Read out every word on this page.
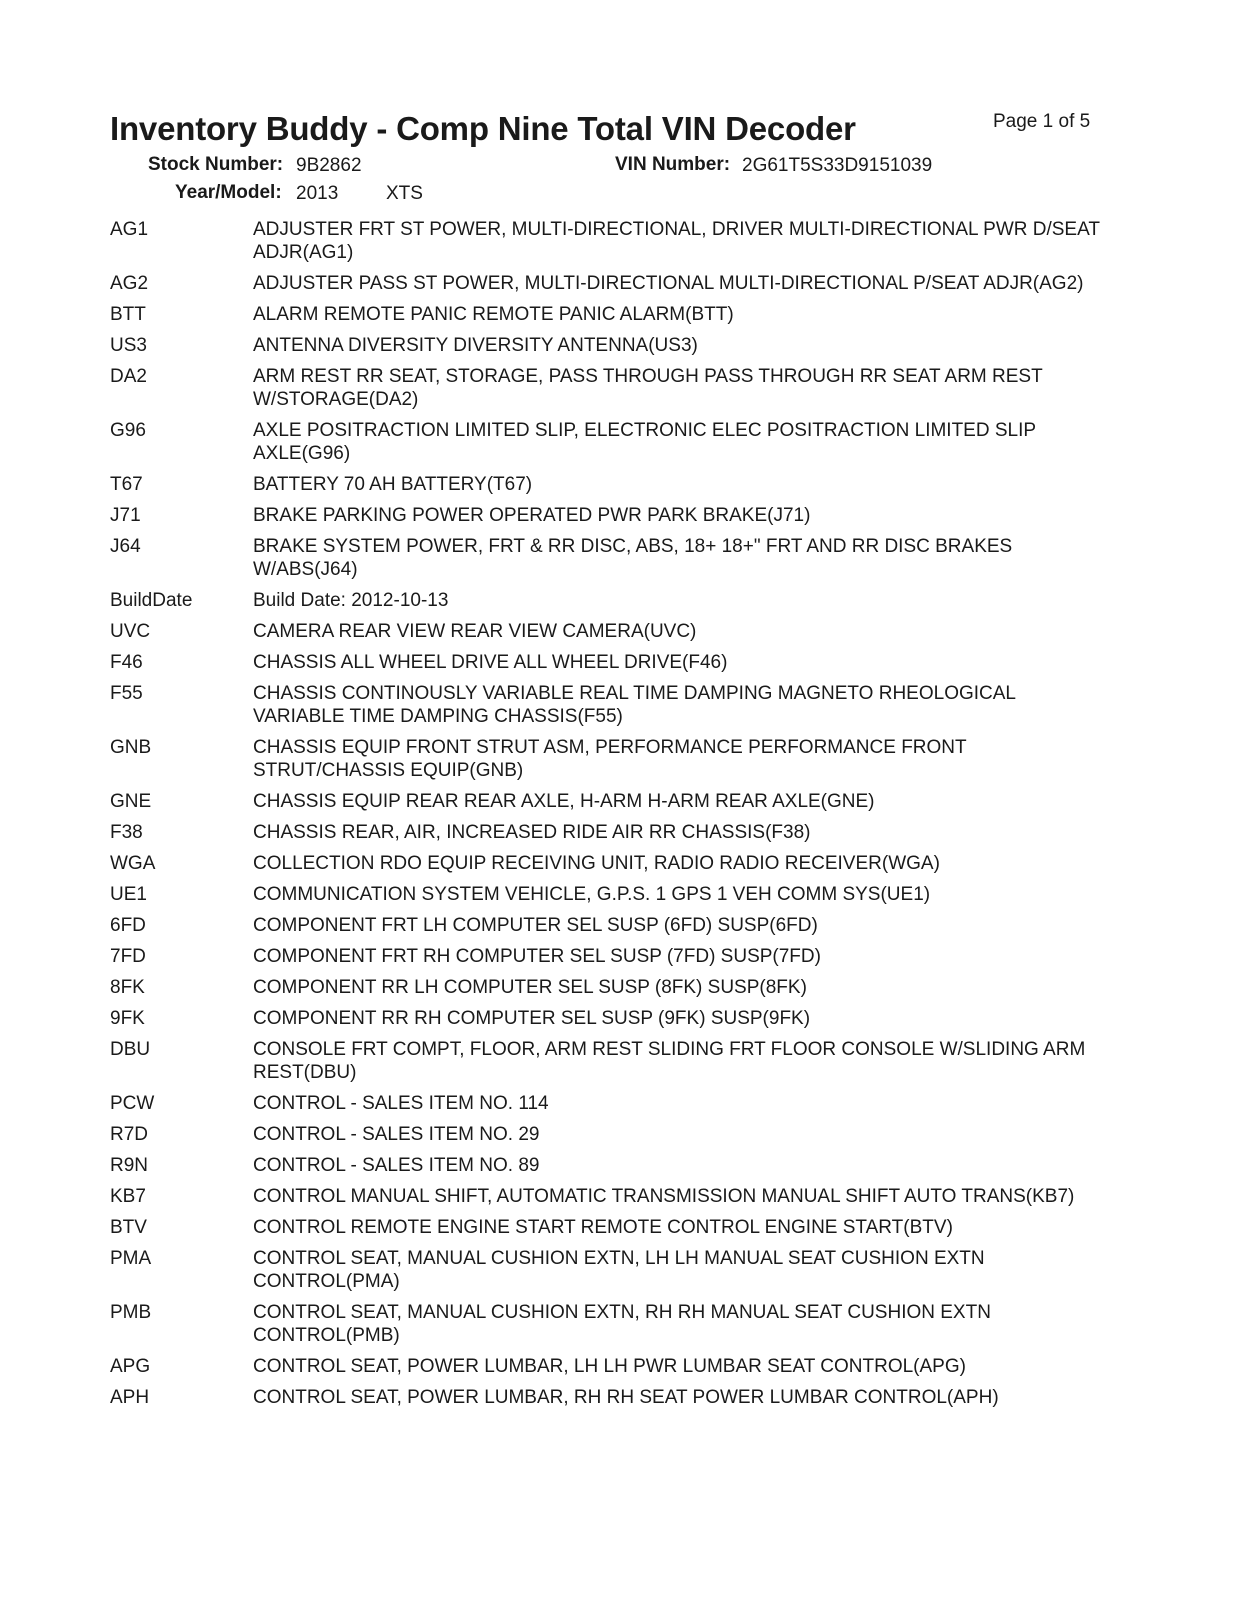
Inventory Buddy - Comp Nine Total VIN Decoder	Page 1 of 5
Stock Number: 9B2862	VIN Number: 2G61T5S33D9151039
Year/Model: 2013	XTS
AG1	ADJUSTER FRT ST POWER, MULTI-DIRECTIONAL, DRIVER MULTI-DIRECTIONAL PWR D/SEAT ADJR(AG1)
AG2	ADJUSTER PASS ST POWER, MULTI-DIRECTIONAL MULTI-DIRECTIONAL P/SEAT ADJR(AG2)
BTT	ALARM REMOTE PANIC REMOTE PANIC ALARM(BTT)
US3	ANTENNA DIVERSITY DIVERSITY ANTENNA(US3)
DA2	ARM REST RR SEAT, STORAGE, PASS THROUGH PASS THROUGH RR SEAT ARM REST W/STORAGE(DA2)
G96	AXLE POSITRACTION LIMITED SLIP, ELECTRONIC ELEC POSITRACTION LIMITED SLIP AXLE(G96)
T67	BATTERY 70 AH BATTERY(T67)
J71	BRAKE PARKING POWER OPERATED PWR PARK BRAKE(J71)
J64	BRAKE SYSTEM POWER, FRT & RR DISC, ABS, 18+ 18+" FRT AND RR DISC BRAKES W/ABS(J64)
BuildDate	Build Date: 2012-10-13
UVC	CAMERA REAR VIEW REAR VIEW CAMERA(UVC)
F46	CHASSIS ALL WHEEL DRIVE ALL WHEEL DRIVE(F46)
F55	CHASSIS CONTINOUSLY VARIABLE REAL TIME DAMPING MAGNETO RHEOLOGICAL VARIABLE TIME DAMPING CHASSIS(F55)
GNB	CHASSIS EQUIP FRONT STRUT ASM, PERFORMANCE PERFORMANCE FRONT STRUT/CHASSIS EQUIP(GNB)
GNE	CHASSIS EQUIP REAR REAR AXLE, H-ARM H-ARM REAR AXLE(GNE)
F38	CHASSIS REAR, AIR, INCREASED RIDE AIR RR CHASSIS(F38)
WGA	COLLECTION RDO EQUIP RECEIVING UNIT, RADIO RADIO RECEIVER(WGA)
UE1	COMMUNICATION SYSTEM VEHICLE, G.P.S. 1 GPS 1 VEH COMM SYS(UE1)
6FD	COMPONENT FRT LH COMPUTER SEL SUSP (6FD) SUSP(6FD)
7FD	COMPONENT FRT RH COMPUTER SEL SUSP (7FD) SUSP(7FD)
8FK	COMPONENT RR LH COMPUTER SEL SUSP (8FK) SUSP(8FK)
9FK	COMPONENT RR RH COMPUTER SEL SUSP (9FK) SUSP(9FK)
DBU	CONSOLE FRT COMPT, FLOOR, ARM REST SLIDING FRT FLOOR CONSOLE W/SLIDING ARM REST(DBU)
PCW	CONTROL - SALES ITEM NO. 114
R7D	CONTROL - SALES ITEM NO. 29
R9N	CONTROL - SALES ITEM NO. 89
KB7	CONTROL MANUAL SHIFT, AUTOMATIC TRANSMISSION MANUAL SHIFT AUTO TRANS(KB7)
BTV	CONTROL REMOTE ENGINE START REMOTE CONTROL ENGINE START(BTV)
PMA	CONTROL SEAT, MANUAL CUSHION EXTN, LH LH MANUAL SEAT CUSHION EXTN CONTROL(PMA)
PMB	CONTROL SEAT, MANUAL CUSHION EXTN, RH RH MANUAL SEAT CUSHION EXTN CONTROL(PMB)
APG	CONTROL SEAT, POWER LUMBAR, LH LH PWR LUMBAR SEAT CONTROL(APG)
APH	CONTROL SEAT, POWER LUMBAR, RH RH SEAT POWER LUMBAR CONTROL(APH)
